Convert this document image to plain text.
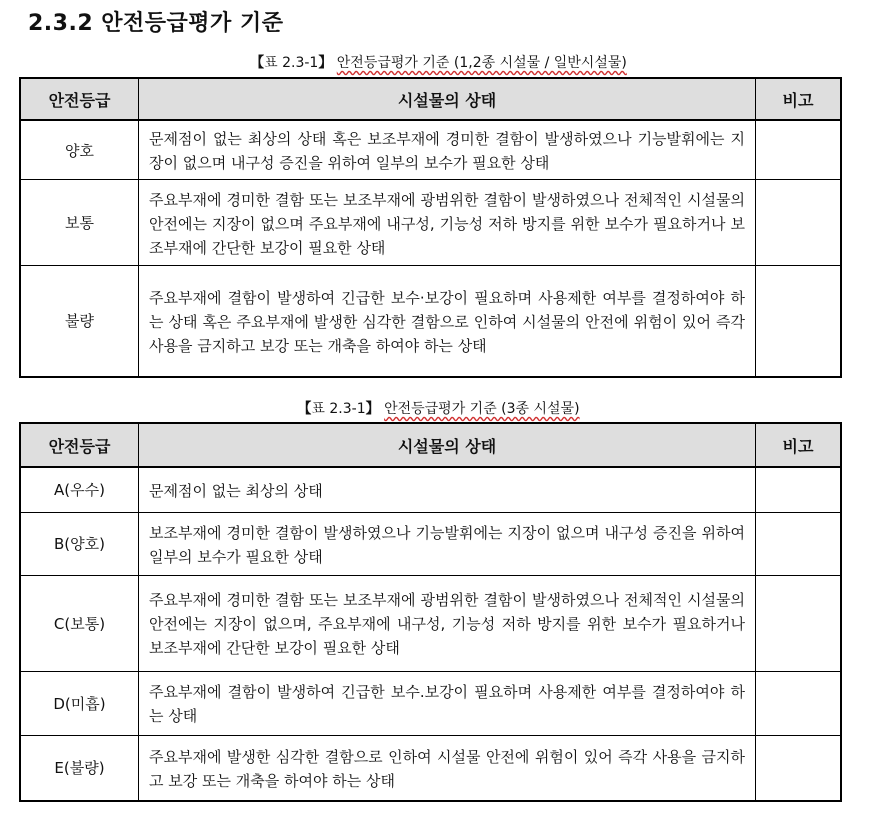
2.3.2 안전등급평가 기준
【표 2.3-1】 안전등급평가 기준 (1,2종 시설물 / 일반시설물)
안전등급	시설물의 상태	비고
양호	문제점이 없는 최상의 상태 혹은 보조부재에 경미한 결함이 발생하였으나 기능발휘에는 지장이 없으며 내구성 증진을 위하여 일부의 보수가 필요한 상태	
보통	주요부재에 경미한 결함 또는 보조부재에 광범위한 결함이 발생하였으나 전체적인 시설물의 안전에는 지장이 없으며 주요부재에 내구성, 기능성 저하 방지를 위한 보수가 필요하거나 보조부재에 간단한 보강이 필요한 상태	
불량	주요부재에 결함이 발생하여 긴급한 보수·보강이 필요하며 사용제한 여부를 결정하여야 하는 상태 혹은 주요부재에 발생한 심각한 결함으로 인하여 시설물의 안전에 위험이 있어 즉각 사용을 금지하고 보강 또는 개축을 하여야 하는 상태	
【표 2.3-1】 안전등급평가 기준 (3종 시설물)
안전등급	시설물의 상태	비고
A(우수)	문제점이 없는 최상의 상태	
B(양호)	보조부재에 경미한 결함이 발생하였으나 기능발휘에는 지장이 없으며 내구성 증진을 위하여 일부의 보수가 필요한 상태	
C(보통)	주요부재에 경미한 결함 또는 보조부재에 광범위한 결함이 발생하였으나 전체적인 시설물의 안전에는 지장이 없으며, 주요부재에 내구성, 기능성 저하 방지를 위한 보수가 필요하거나 보조부재에 간단한 보강이 필요한 상태	
D(미흡)	주요부재에 결함이 발생하여 긴급한 보수.보강이 필요하며 사용제한 여부를 결정하여야 하는 상태	
E(불량)	주요부재에 발생한 심각한 결함으로 인하여 시설물 안전에 위험이 있어 즉각 사용을 금지하고 보강 또는 개축을 하여야 하는 상태	
